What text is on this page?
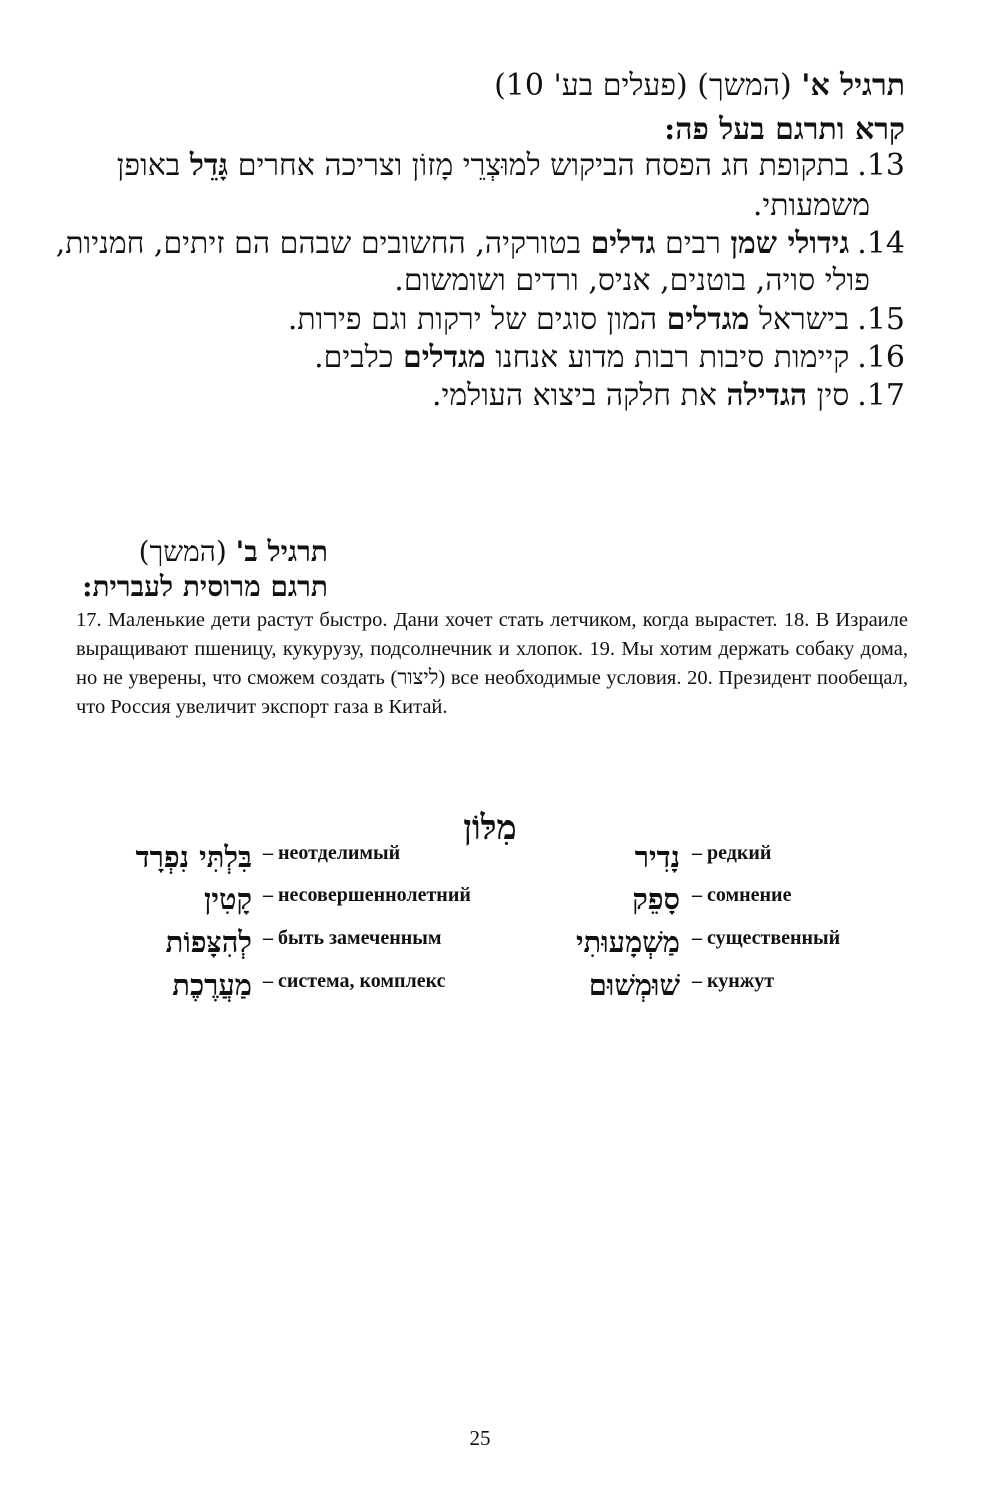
תרגיל א' (המשך) (פעלים בע' 10)
קרא ותרגם בעל פה:
13.בתקופת חג הפסח הביקוש למוּצְרֵי מָזוֹן וצריכה אחרים גָּדֵל באופן
משמעותי.
14.גידולי שמן רבים גדלים בטורקיה, החשובים שבהם הם זיתים, חמניות,
פולי סויה, בוטנים, אניס, ורדים ושומשום.
15.בישראל מגדלים המון סוגים של ירקות וגם פירות.
16.קיימות סיבות רבות מדוע אנחנו מגדלים כלבים.
17.סין הגדילה את חלקה ביצוא העולמי.
תרגיל ב' (המשך)
תרגם מרוסית לעברית:
17. Маленькие дети растут быстро. Дани хочет стать летчиком, когда вырастет. 18. В Израиле выращивают пшеницу, кукурузу, подсолнечник и хлопок. 19. Мы хотим держать собаку дома, но не уверены, что сможем создать (ליצור) все необходимые условия. 20. Президент пообещал, что Россия увеличит экспорт газа в Китай.
מִלּוֹן
בִּלְתִּי נִפְרָד – неотделимый
קָטִין – несовершеннолетний
לְהִצָּפוֹת – быть замеченным
מַעֲרֶכֶת – система, комплекс
נָדִיר – редкий
סָפֵק – сомнение
מַשְׁמָעוּתִי – существенный
שׁוּמְשׁוּם – кунжут
25
